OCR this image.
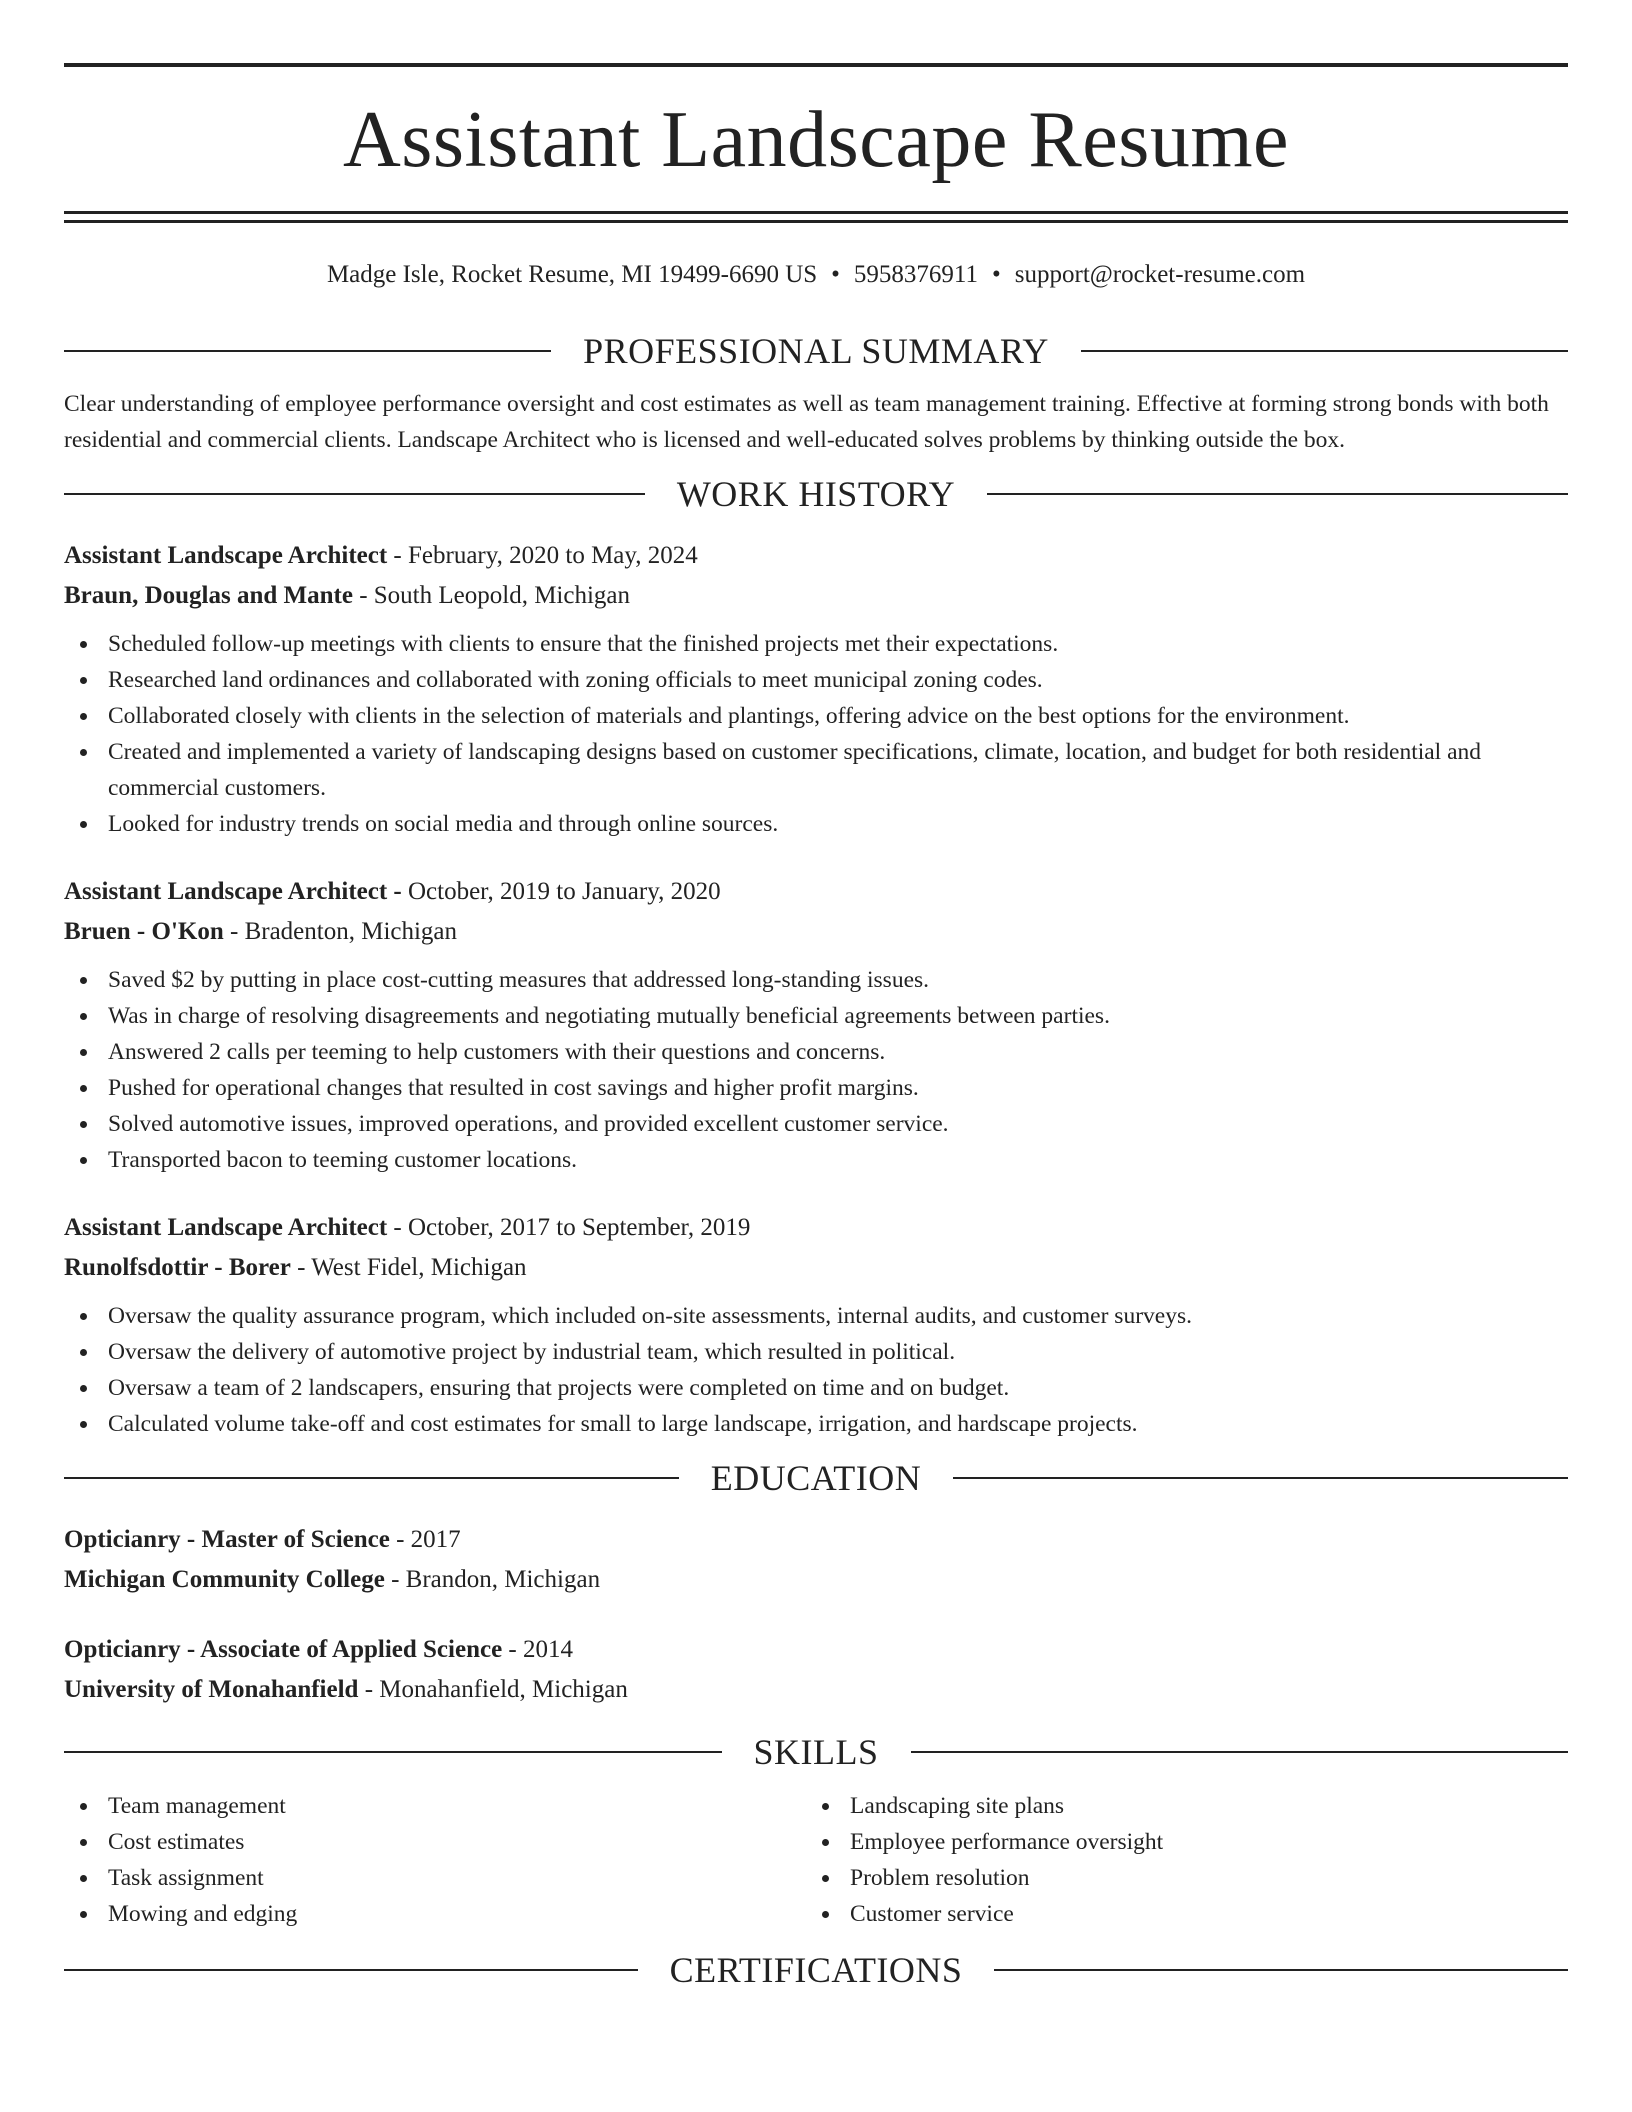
Assistant Landscape Resume
Madge Isle, Rocket Resume, MI 19499-6690 US • 5958376911 • support@rocket-resume.com
PROFESSIONAL SUMMARY

Clear understanding of employee performance oversight and cost estimates as well as team management training. Effective at forming strong bonds with both residential and commercial clients. Landscape Architect who is licensed and well-educated solves problems by thinking outside the box.

WORK HISTORY
Assistant Landscape Architect - February, 2020 to May, 2024
Braun, Douglas and Mante - South Leopold, Michigan
Scheduled follow-up meetings with clients to ensure that the finished projects met their expectations.
Researched land ordinances and collaborated with zoning officials to meet municipal zoning codes.
Collaborated closely with clients in the selection of materials and plantings, offering advice on the best options for the environment.
Created and implemented a variety of landscaping designs based on customer specifications, climate, location, and budget for both residential and commercial customers.
Looked for industry trends on social media and through online sources.
Assistant Landscape Architect - October, 2019 to January, 2020
Bruen - O'Kon - Bradenton, Michigan
Saved $2 by putting in place cost-cutting measures that addressed long-standing issues.
Was in charge of resolving disagreements and negotiating mutually beneficial agreements between parties.
Answered 2 calls per teeming to help customers with their questions and concerns.
Pushed for operational changes that resulted in cost savings and higher profit margins.
Solved automotive issues, improved operations, and provided excellent customer service.
Transported bacon to teeming customer locations.
Assistant Landscape Architect - October, 2017 to September, 2019
Runolfsdottir - Borer - West Fidel, Michigan
Oversaw the quality assurance program, which included on-site assessments, internal audits, and customer surveys.
Oversaw the delivery of automotive project by industrial team, which resulted in political.
Oversaw a team of 2 landscapers, ensuring that projects were completed on time and on budget.
Calculated volume take-off and cost estimates for small to large landscape, irrigation, and hardscape projects.
EDUCATION
Opticianry - Master of Science - 2017
Michigan Community College - Brandon, Michigan
Opticianry - Associate of Applied Science - 2014
University of Monahanfield - Monahanfield, Michigan
SKILLS
Team management
Cost estimates
Task assignment
Mowing and edging
Landscaping site plans
Employee performance oversight
Problem resolution
Customer service
CERTIFICATIONS
